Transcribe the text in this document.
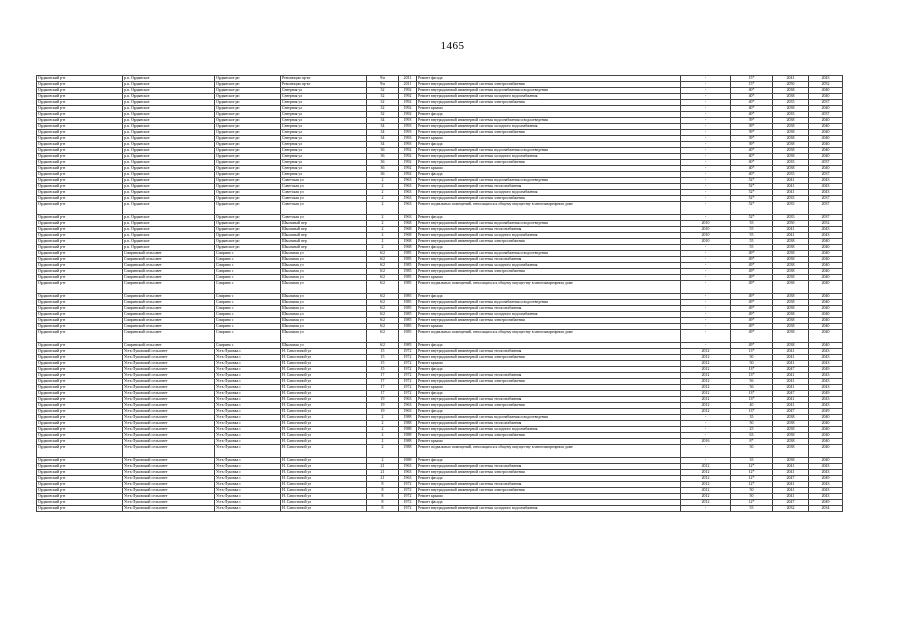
1465
Орджонский р-н	р.п. Ордынское	Ордынское рп	Революции пр-кт	9/п	2011	Ремонт фасада	-	15*	2041	2043
Орджонский р-н	р.п. Ордынское	Ордынское рп	Революции пр-кт	9/п	2011	Ремонт внутридомовой инженерной системы электроснабжения	-	15*	2050	2052
Орджонский р-н	р.п. Ордынское	Ордынское рп	Северная ул	32	1992	Ремонт внутридомовой инженерной системы водоснабжения и водоотведения	-	40*	2038	2040
Орджонский р-н	р.п. Ордынское	Ордынское рп	Северная ул	32	1992	Ремонт внутридомовой инженерной системы холодного водоснабжения	-	40*	2038	2040
Орджонский р-н	р.п. Ордынское	Ордынское рп	Северная ул	32	1992	Ремонт внутридомовой инженерной системы электроснабжения	-	40*	2035	2037
Орджонский р-н	р.п. Ордынское	Ордынское рп	Северная ул	32	1992	Ремонт крыши	-	40*	2038	2040
Орджонский р-н	р.п. Ордынское	Ордынское рп	Северная ул	32	1992	Ремонт фасада	-	40*	2035	2037
Орджонский р-н	р.п. Ордынское	Ордынское рп	Северная ул	34	1993	Ремонт внутридомовой инженерной системы водоснабжения и водоотведения	-	39*	2038	2040
Орджонский р-н	р.п. Ордынское	Ордынское рп	Северная ул	34	1993	Ремонт внутридомовой инженерной системы холодного водоснабжения	-	39*	2038	2040
Орджонский р-н	р.п. Ордынское	Ордынское рп	Северная ул	34	1993	Ремонт внутридомовой инженерной системы электроснабжения	-	39*	2038	2040
Орджонский р-н	р.п. Ордынское	Ордынское рп	Северная ул	34	1993	Ремонт крыши	-	39*	2038	2040
Орджонский р-н	р.п. Ордынское	Ордынское рп	Северная ул	34	1993	Ремонт фасада	-	39*	2038	2040
Орджонский р-н	р.п. Ордынское	Ордынское рп	Северная ул	36	1992	Ремонт внутридомовой инженерной системы водоснабжения и водоотведения	-	40*	2038	2040
Орджонский р-н	р.п. Ордынское	Ордынское рп	Северная ул	36	1992	Ремонт внутридомовой инженерной системы холодного водоснабжения	-	40*	2038	2040
Орджонский р-н	р.п. Ордынское	Ордынское рп	Северная ул	36	1992	Ремонт внутридомовой инженерной системы электроснабжения	-	40*	2035	2037
Орджонский р-н	р.п. Ордынское	Ордынское рп	Северная ул	36	1992	Ремонт крыши	-	40*	2038	2040
Орджонский р-н	р.п. Ордынское	Ордынское рп	Северная ул	36	1992	Ремонт фасада	-	40*	2035	2037
Орджонский р-н	р.п. Ордынское	Ордынское рп	Советская ул	2	1963	Ремонт внутридомовой инженерной системы водоснабжения и водоотведения	-	52*	2041	2043
Орджонский р-н	р.п. Ордынское	Ордынское рп	Советская ул	2	1963	Ремонт внутридомовой инженерной системы теплоснабжения	-	52*	2041	2043
Орджонский р-н	р.п. Ордынское	Ордынское рп	Советская ул	2	1963	Ремонт внутридомовой инженерной системы холодного водоснабжения	-	52*	2041	2043
Орджонский р-н	р.п. Ордынское	Ордынское рп	Советская ул	2	1963	Ремонт внутридомовой инженерной системы электроснабжения	-	52*	2035	2037
Орджонский р-н	р.п. Ордынское	Ордынское рп	Советская ул	2	1963	Ремонт подвальных помещений, относящихся к общему имуществу в многоквартирном доме	-	52*	2035	2037
Орджонский р-н	р.п. Ордынское	Ордынское рп	Советская ул	2	1963	Ремонт фасада	-	52*	2035	2037
Орджонский р-н	р.п. Ордынское	Ордынское рп	Школьный пер	2	1968	Ремонт внутридомовой инженерной системы водоснабжения и водоотведения	2010	55	2050	2052
Орджонский р-н	р.п. Ордынское	Ордынское рп	Школьный пер	2	1968	Ремонт внутридомовой инженерной системы теплоснабжения	2010	55	2041	2043
Орджонский р-н	р.п. Ордынское	Ордынское рп	Школьный пер	2	1968	Ремонт внутридомовой инженерной системы холодного водоснабжения	2010	55	2041	2043
Орджонский р-н	р.п. Ордынское	Ордынское рп	Школьный пер	2	1968	Ремонт внутридомовой инженерной системы электроснабжения	2010	55	2038	2040
Орджонский р-н	р.п. Ордынское	Ордынское рп	Школьный пер	2	1968	Ремонт фасада	-	55	2038	2040
Орджонский р-н	Спиринский сельсовет	Спирино с	Школьная ул	6/2	1985	Ремонт внутридомовой инженерной системы водоснабжения и водоотведения	-	49*	2038	2040
Орджонский р-н	Спиринский сельсовет	Спирино с	Школьная ул	6/2	1985	Ремонт внутридомовой инженерной системы теплоснабжения	-	49*	2038	2040
Орджонский р-н	Спиринский сельсовет	Спирино с	Школьная ул	6/2	1985	Ремонт внутридомовой инженерной системы холодного водоснабжения	-	49*	2038	2040
Орджонский р-н	Спиринский сельсовет	Спирино с	Школьная ул	6/2	1985	Ремонт внутридомовой инженерной системы электроснабжения	-	49*	2038	2040
Орджонский р-н	Спиринский сельсовет	Спирино с	Школьная ул	6/2	1985	Ремонт крыши	-	49*	2038	2040
Орджонский р-н	Спиринский сельсовет	Спирино с	Школьная ул	6/2	1985	Ремонт подвальных помещений, относящихся к общему имуществу в многоквартирном доме	-	49*	2038	2040
Орджонский р-н	Спиринский сельсовет	Спирино с	Школьная ул	6/2	1985	Ремонт фасада	-	49*	2038	2040
Орджонский р-н	Спиринский сельсовет	Спирино с	Школьная ул	6/2	1985	Ремонт внутридомовой инженерной системы водоснабжения и водоотведения	-	49*	2038	2040
Орджонский р-н	Спиринский сельсовет	Спирино с	Школьная ул	6/2	1985	Ремонт внутридомовой инженерной системы теплоснабжения	-	49*	2038	2040
Орджонский р-н	Спиринский сельсовет	Спирино с	Школьная ул	6/2	1985	Ремонт внутридомовой инженерной системы холодного водоснабжения	-	49*	2038	2040
Орджонский р-н	Спиринский сельсовет	Спирино с	Школьная ул	6/2	1985	Ремонт внутридомовой инженерной системы электроснабжения	-	49*	2038	2040
Орджонский р-н	Спиринский сельсовет	Спирино с	Школьная ул	6/2	1985	Ремонт крыши	-	49*	2038	2040
Орджонский р-н	Спиринский сельсовет	Спирино с	Школьная ул	6/2	1985	Ремонт подвальных помещений, относящихся к общему имуществу в многоквартирном доме	-	49*	2038	2040
Орджонский р-н	Спиринский сельсовет	Спирино с	Школьная ул	6/2	1985	Ремонт фасада	-	49*	2038	2040
Орджонский р-н	Усть-Луковский сельсовет	Усть-Луковка с	Н. Савостиной ул	15	1972	Ремонт внутридомовой инженерной системы теплоснабжения	2012	13*	2041	2043
Орджонский р-н	Усть-Луковский сельсовет	Усть-Луковка с	Н. Савостиной ул	15	1972	Ремонт внутридомовой инженерной системы электроснабжения	2012	50	2041	2043
Орджонский р-н	Усть-Луковский сельсовет	Усть-Луковка с	Н. Савостиной ул	15	1972	Ремонт крыши	2012	50	2041	2043
Орджонский р-н	Усть-Луковский сельсовет	Усть-Луковка с	Н. Савостиной ул	15	1972	Ремонт фасада	2012	13*	2047	2049
Орджонский р-н	Усть-Луковский сельсовет	Усть-Луковка с	Н. Савостиной ул	17	1972	Ремонт внутридомовой инженерной системы теплоснабжения	2012	13*	2041	2043
Орджонский р-н	Усть-Луковский сельсовет	Усть-Луковка с	Н. Савостиной ул	17	1972	Ремонт внутридомовой инженерной системы электроснабжения	2012	56	2041	2043
Орджонский р-н	Усть-Луковский сельсовет	Усть-Луковка с	Н. Савостиной ул	17	1972	Ремонт крыши	2012	56	2041	2043
Орджонский р-н	Усть-Луковский сельсовет	Усть-Луковка с	Н. Савостиной ул	17	1972	Ремонт фасада	2012	13*	2047	2049
Орджонский р-н	Усть-Луковский сельсовет	Усть-Луковка с	Н. Савостиной ул	19	1963	Ремонт внутридомовой инженерной системы теплоснабжения	2012	13*	2041	2043
Орджонский р-н	Усть-Луковский сельсовет	Усть-Луковка с	Н. Савостиной ул	19	1963	Ремонт внутридомовой инженерной системы электроснабжения	2012	40	2041	2043
Орджонский р-н	Усть-Луковский сельсовет	Усть-Луковка с	Н. Савостиной ул	19	1963	Ремонт фасада	2012	13*	2047	2049
Орджонский р-н	Усть-Луковский сельсовет	Усть-Луковка с	Н. Савостиной ул	2	1988	Ремонт внутридомовой инженерной системы водоснабжения и водоотведения	-	35	2038	2040
Орджонский р-н	Усть-Луковский сельсовет	Усть-Луковка с	Н. Савостиной ул	2	1988	Ремонт внутридомовой инженерной системы теплоснабжения	-	50	2038	2040
Орджонский р-н	Усть-Луковский сельсовет	Усть-Луковка с	Н. Савостиной ул	2	1988	Ремонт внутридомовой инженерной системы холодного водоснабжения	-	25	2038	2040
Орджонский р-н	Усть-Луковский сельсовет	Усть-Луковка с	Н. Савостиной ул	2	1988	Ремонт внутридомовой инженерной системы электроснабжения	-	63	2038	2040
Орджонский р-н	Усть-Луковский сельсовет	Усть-Луковка с	Н. Савостиной ул	2	1988	Ремонт крыши	2016	8*	2038	2040
Орджонский р-н	Усть-Луковский сельсовет	Усть-Луковка с	Н. Савостиной ул	2	1988	Ремонт подвальных помещений, относящихся к общему имуществу в многоквартирном доме	-	50	2038	2040
Орджонский р-н	Усть-Луковский сельсовет	Усть-Луковка с	Н. Савостиной ул	2	1988	Ремонт фасада	-	35	2038	2040
Орджонский р-н	Усть-Луковский сельсовет	Усть-Луковка с	Н. Савостиной ул	21	1963	Ремонт внутридомовой инженерной системы теплоснабжения	2012	12*	2041	2043
Орджонский р-н	Усть-Луковский сельсовет	Усть-Луковка с	Н. Савостиной ул	21	1963	Ремонт внутридомовой инженерной системы электроснабжения	2012	12*	2041	2043
Орджонский р-н	Усть-Луковский сельсовет	Усть-Луковка с	Н. Савостиной ул	21	1963	Ремонт фасада	2012	12*	2047	2049
Орджонский р-н	Усть-Луковский сельсовет	Усть-Луковка с	Н. Савостиной ул	8	1972	Ремонт внутридомовой инженерной системы теплоснабжения	2012	12*	2041	2043
Орджонский р-н	Усть-Луковский сельсовет	Усть-Луковка с	Н. Савостиной ул	8	1972	Ремонт внутридомовой инженерной системы электроснабжения	2012	50	2041	2043
Орджонский р-н	Усть-Луковский сельсовет	Усть-Луковка с	Н. Савостиной ул	8	1972	Ремонт крыши	2012	50	2041	2043
Орджонский р-н	Усть-Луковский сельсовет	Усть-Луковка с	Н. Савостиной ул	8	1972	Ремонт фасада	2012	12*	2047	2049
Орджонский р-н	Усть-Луковский сельсовет	Усть-Луковка с	Н. Савостиной ул	8	1972	Ремонт внутридомовой инженерной системы холодного водоснабжения	-	55	2032	2034
